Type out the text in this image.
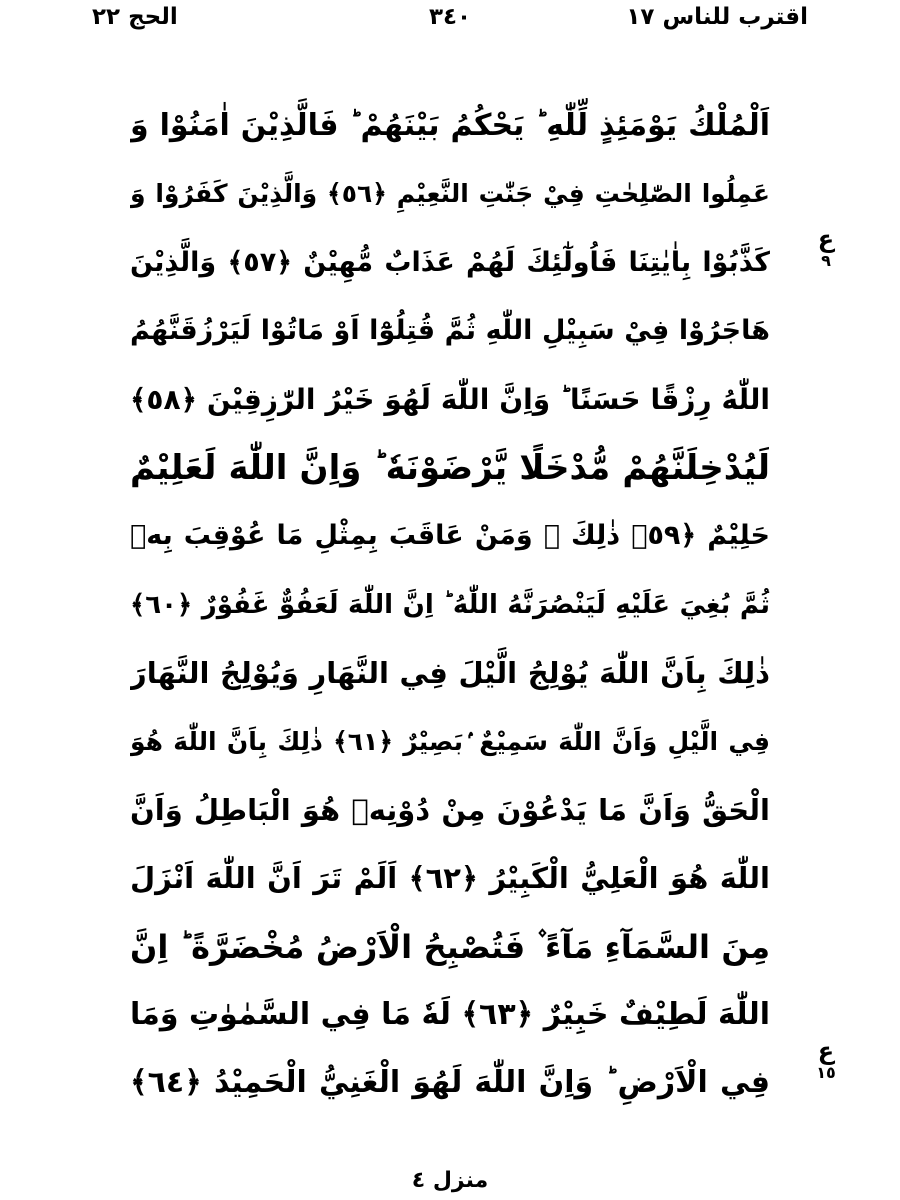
الحج ٢٢	٣٤٠	اقترب للناس ١٧
اَلْمُلْكُ يَوْمَئِذٍ لِّلّٰهِ ؕ يَحْكُمُ بَيْنَهُمْ ؕ فَالَّذِيْنَ اٰمَنُوْا وَ
عَمِلُوا الصّٰلِحٰتِ فِيْ جَنّٰتِ النَّعِيْمِ ﴿٥٦﴾ وَالَّذِيْنَ كَفَرُوْا وَ
كَذَّبُوْا بِاٰيٰتِنَا فَاُولٰٓئِكَ لَهُمْ عَذَابٌ مُّهِيْنٌ ﴿٥٧﴾ وَالَّذِيْنَ
هَاجَرُوْا فِيْ سَبِيْلِ اللّٰهِ ثُمَّ قُتِلُوْٓا اَوْ مَاتُوْا لَيَرْزُقَنَّهُمُ
اللّٰهُ رِزْقًا حَسَنًا ؕ وَاِنَّ اللّٰهَ لَهُوَ خَيْرُ الرّٰزِقِيْنَ ﴿٥٨﴾
لَيُدْخِلَنَّهُمْ مُّدْخَلًا يَّرْضَوْنَهٗ ؕ وَاِنَّ اللّٰهَ لَعَلِيْمٌ
حَلِيْمٌ ﴿٥٩﴾ ذٰلِكَ ۚ وَمَنْ عَاقَبَ بِمِثْلِ مَا عُوْقِبَ بِهٖ
ثُمَّ بُغِيَ عَلَيْهِ لَيَنْصُرَنَّهُ اللّٰهُ ؕ اِنَّ اللّٰهَ لَعَفُوٌّ غَفُوْرٌ ﴿٦٠﴾
ذٰلِكَ بِاَنَّ اللّٰهَ يُوْلِجُ الَّيْلَ فِي النَّهَارِ وَيُوْلِجُ النَّهَارَ
فِي الَّيْلِ وَاَنَّ اللّٰهَ سَمِيْعٌ ۢبَصِيْرٌ ﴿٦١﴾ ذٰلِكَ بِاَنَّ اللّٰهَ هُوَ
الْحَقُّ وَاَنَّ مَا يَدْعُوْنَ مِنْ دُوْنِهٖ هُوَ الْبَاطِلُ وَاَنَّ
اللّٰهَ هُوَ الْعَلِيُّ الْكَبِيْرُ ﴿٦٢﴾ اَلَمْ تَرَ اَنَّ اللّٰهَ اَنْزَلَ
مِنَ السَّمَآءِ مَآءً ۫ فَتُصْبِحُ الْاَرْضُ مُخْضَرَّةً ؕ اِنَّ
اللّٰهَ لَطِيْفٌ خَبِيْرٌ ﴿٦٣﴾ لَهٗ مَا فِي السَّمٰوٰتِ وَمَا
فِي الْاَرْضِ ؕ وَاِنَّ اللّٰهَ لَهُوَ الْغَنِيُّ الْحَمِيْدُ ﴿٦٤﴾
ع
٩
ع
١٥
منزل ٤
